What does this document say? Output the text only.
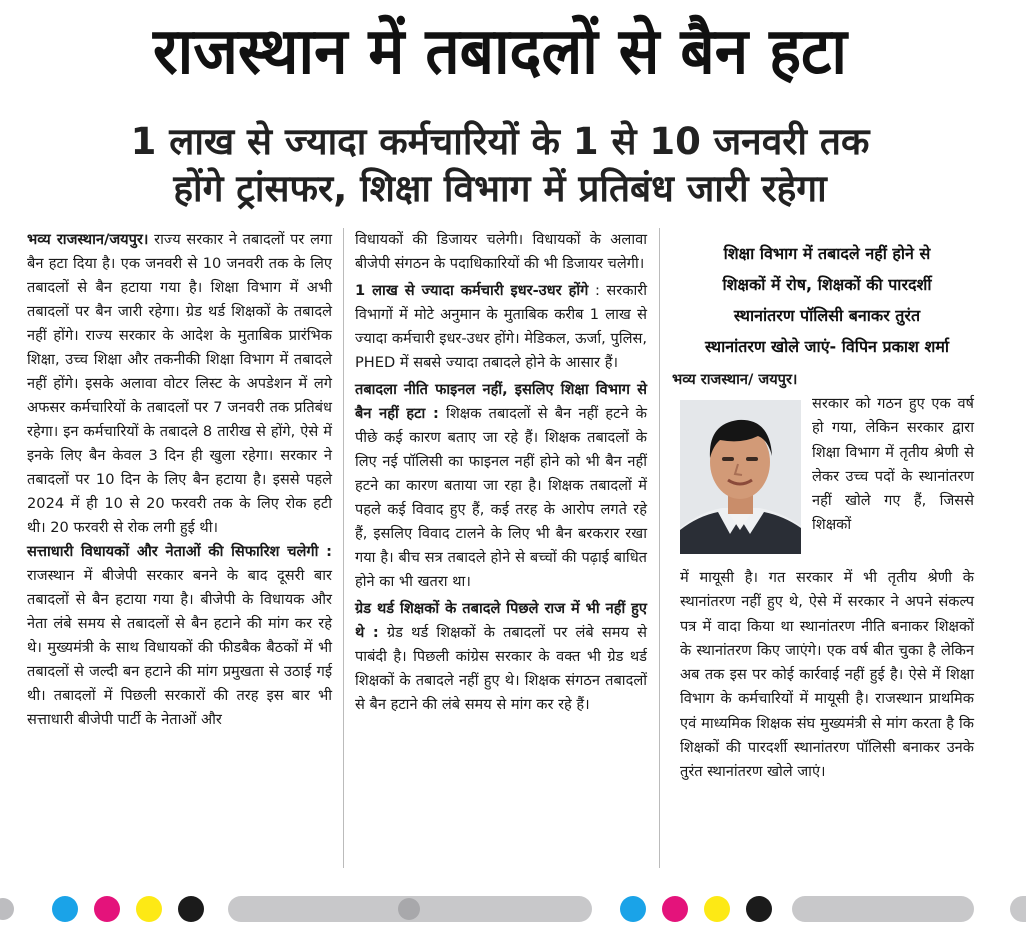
राजस्थान में तबादलों से बैन हटा
1 लाख से ज्यादा कर्मचारियों के 1 से 10 जनवरी तक
होंगे ट्रांसफर, शिक्षा विभाग में प्रतिबंध जारी रहेगा

भव्य राजस्थान/जयपुर। राज्य सरकार ने तबादलों पर लगा बैन हटा दिया है। एक जनवरी से 10 जनवरी तक के लिए तबादलों से बैन हटाया गया है। शिक्षा विभाग में अभी तबादलों पर बैन जारी रहेगा। ग्रेड थर्ड शिक्षकों के तबादले नहीं होंगे। राज्य सरकार के आदेश के मुताबिक प्रारंभिक शिक्षा, उच्च शिक्षा और तकनीकी शिक्षा विभाग में तबादले नहीं होंगे। इसके अलावा वोटर लिस्ट के अपडेशन में लगे अफसर कर्मचारियों के तबादलों पर 7 जनवरी तक प्रतिबंध रहेगा। इन कर्मचारियों के तबादले 8 तारीख से होंगे, ऐसे में इनके लिए बैन केवल 3 दिन ही खुला रहेगा। सरकार ने तबादलों पर 10 दिन के लिए बैन हटाया है। इससे पहले 2024 में ही 10 से 20 फरवरी तक के लिए रोक हटी थी। 20 फरवरी से रोक लगी हुई थी।

सत्ताधारी विधायकों और नेताओं की सिफारिश चलेगी : राजस्थान में बीजेपी सरकार बनने के बाद दूसरी बार तबादलों से बैन हटाया गया है। बीजेपी के विधायक और नेता लंबे समय से तबादलों से बैन हटाने की मांग कर रहे थे। मुख्यमंत्री के साथ विधायकों की फीडबैक बैठकों में भी तबादलों से जल्दी बन हटाने की मांग प्रमुखता से उठाई गई थी। तबादलों में पिछली सरकारों की तरह इस बार भी सत्ताधारी बीजेपी पार्टी के नेताओं और

विधायकों की डिजायर चलेगी। विधायकों के अलावा बीजेपी संगठन के पदाधिकारियों की भी डिजायर चलेगी।

1 लाख से ज्यादा कर्मचारी इधर-उधर होंगे : सरकारी विभागों में मोटे अनुमान के मुताबिक करीब 1 लाख से ज्यादा कर्मचारी इधर-उधर होंगे। मेडिकल, ऊर्जा, पुलिस, PHED में सबसे ज्यादा तबादले होने के आसार हैं।

तबादला नीति फाइनल नहीं, इसलिए शिक्षा विभाग से बैन नहीं हटा : शिक्षक तबादलों से बैन नहीं हटने के पीछे कई कारण बताए जा रहे हैं। शिक्षक तबादलों के लिए नई पॉलिसी का फाइनल नहीं होने को भी बैन नहीं हटने का कारण बताया जा रहा है। शिक्षक तबादलों में पहले कई विवाद हुए हैं, कई तरह के आरोप लगते रहे हैं, इसलिए विवाद टालने के लिए भी बैन बरकरार रखा गया है। बीच सत्र तबादले होने से बच्चों की पढ़ाई बाधित होने का भी खतरा था।

ग्रेड थर्ड शिक्षकों के तबादले पिछले राज में भी नहीं हुए थे : ग्रेड थर्ड शिक्षकों के तबादलों पर लंबे समय से पाबंदी है। पिछली कांग्रेस सरकार के वक्त भी ग्रेड थर्ड शिक्षकों के तबादले नहीं हुए थे। शिक्षक संगठन तबादलों से बैन हटाने की लंबे समय से मांग कर रहे हैं।

शिक्षा विभाग में तबादले नहीं होने से
शिक्षकों में रोष, शिक्षकों की पारदर्शी
स्थानांतरण पॉलिसी बनाकर तुरंत
स्थानांतरण खोले जाएं- विपिन प्रकाश शर्मा

भव्य राजस्थान/ जयपुर।

सरकार को गठन हुए एक वर्ष हो गया, लेकिन सरकार द्वारा शिक्षा विभाग में तृतीय श्रेणी से लेकर उच्च पदों के स्थानांतरण नहीं खोले गए हैं, जिससे शिक्षकों

में मायूसी है। गत सरकार में भी तृतीय श्रेणी के स्थानांतरण नहीं हुए थे, ऐसे में सरकार ने अपने संकल्प पत्र में वादा किया था स्थानांतरण नीति बनाकर शिक्षकों के स्थानांतरण किए जाएंगे। एक वर्ष बीत चुका है लेकिन अब तक इस पर कोई कार्रवाई नहीं हुई है। ऐसे में शिक्षा विभाग के कर्मचारियों में मायूसी है। राजस्थान प्राथमिक एवं माध्यमिक शिक्षक संघ मुख्यमंत्री से मांग करता है कि शिक्षकों की पारदर्शी स्थानांतरण पॉलिसी बनाकर उनके तुरंत स्थानांतरण खोले जाएं।
